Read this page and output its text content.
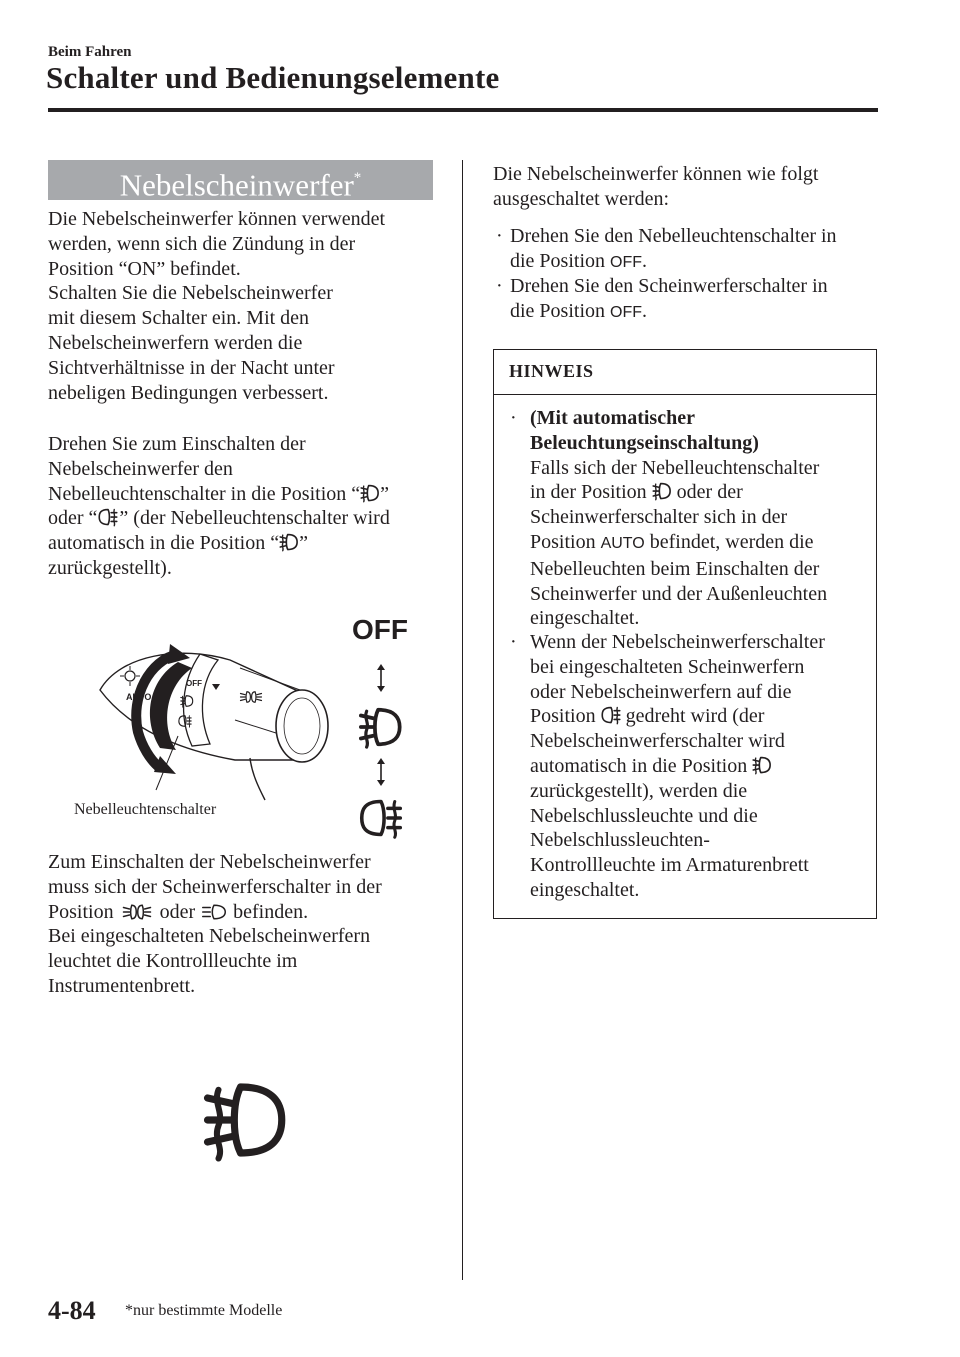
Beim Fahren
Schalter und Bedienungselemente
Nebelscheinwerfer*
Die Nebelscheinwerfer können verwendet
werden, wenn sich die Zündung in der
Position “ON” befindet.
Schalten Sie die Nebelscheinwerfer
mit diesem Schalter ein. Mit den
Nebelscheinwerfern werden die
Sichtverhältnisse in der Nacht unter
nebeligen Bedingungen verbessert.
Drehen Sie zum Einschalten der
Nebelscheinwerfer den
Nebelleuchtenschalter in die Position “ ”
oder “ ” (der Nebelleuchtenschalter wird
automatisch in die Position “ ”
zurückgestellt).
AUTO
OFF
Nebelleuchtenschalter
OFF
Zum Einschalten der Nebelscheinwerfer
muss sich der Scheinwerferschalter in der
Position  oder  befinden.
Bei eingeschalteten Nebelscheinwerfern
leuchtet die Kontrollleuchte im
Instrumentenbrett.
Die Nebelscheinwerfer können wie folgt
ausgeschaltet werden:
· Drehen Sie den Nebelleuchtenschalter in
die Position OFF.
· Drehen Sie den Scheinwerferschalter in
die Position OFF.
HINWEIS
· (Mit automatischer
Beleuchtungseinschaltung)
Falls sich der Nebelleuchtenschalter
in der Position  oder der
Scheinwerferschalter sich in der
Position AUTO befindet, werden die
Nebelleuchten beim Einschalten der
Scheinwerfer und der Außenleuchten
eingeschaltet.
· Wenn der Nebelscheinwerferschalter
bei eingeschalteten Scheinwerfern
oder Nebelscheinwerfern auf die
Position  gedreht wird (der
Nebelscheinwerferschalter wird
automatisch in die Position
zurückgestellt), werden die
Nebelschlussleuchte und die
Nebelschlussleuchten-
Kontrollleuchte im Armaturenbrett
eingeschaltet.
4-84 *nur bestimmte Modelle
